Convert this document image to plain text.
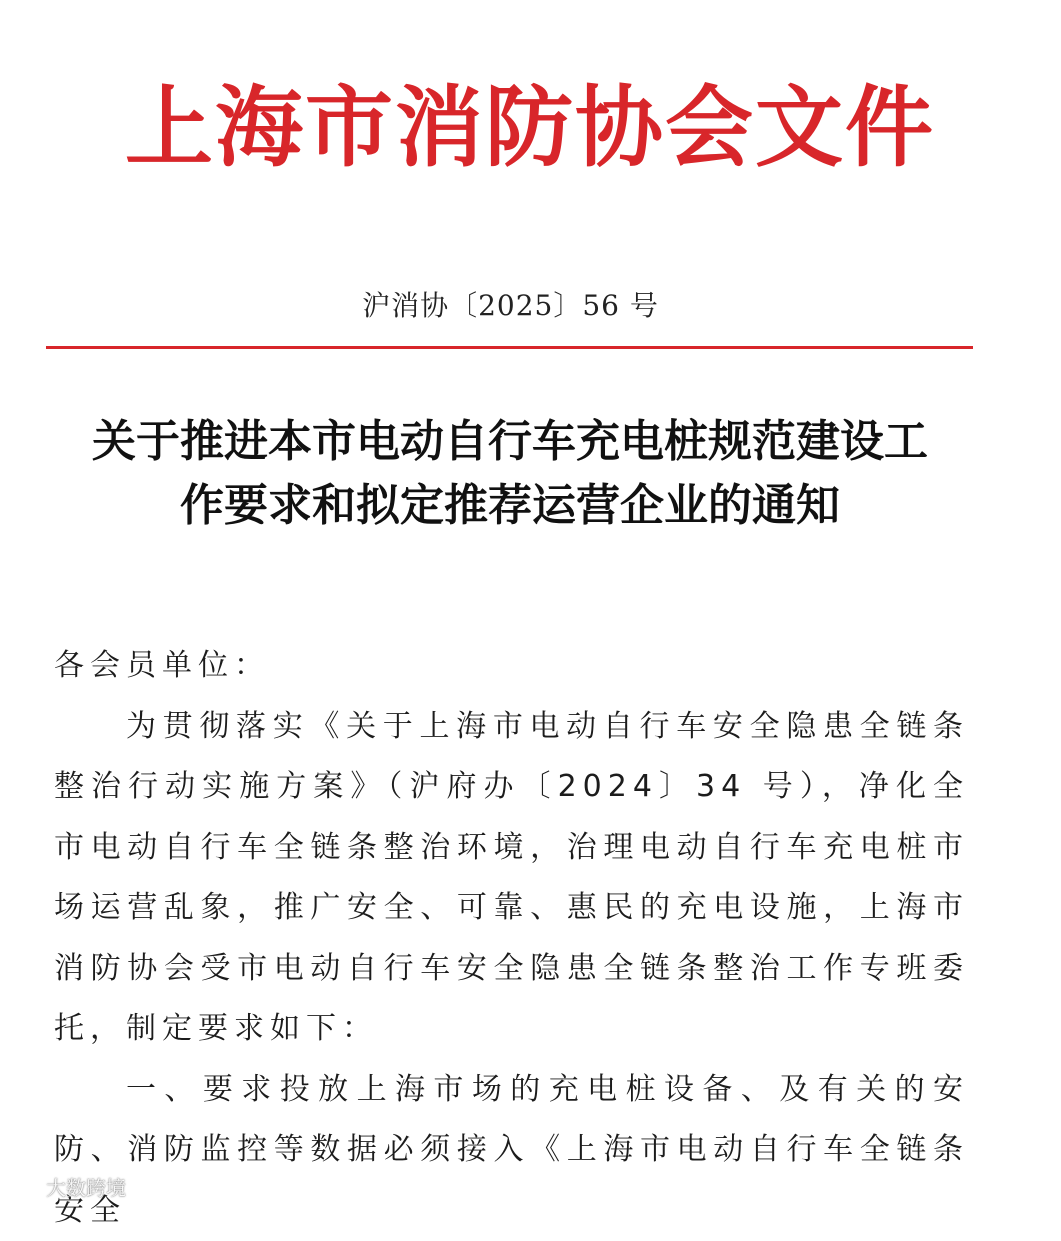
上海市消防协会文件
沪消协〔2025〕56 号
关于推进本市电动自行车充电桩规范建设工
作要求和拟定推荐运营企业的通知

各会员单位：

为贯彻落实《关于上海市电动自行车安全隐患全链条整治行动实施方案》（沪府办〔2024〕34 号），净化全市电动自行车全链条整治环境，治理电动自行车充电桩市场运营乱象，推广安全、可靠、惠民的充电设施，上海市消防协会受市电动自行车安全隐患全链条整治工作专班委托，制定要求如下：

一、要求投放上海市场的充电桩设备、及有关的安防、消防监控等数据必须接入《上海市电动自行车全链条安全

大数跨境
